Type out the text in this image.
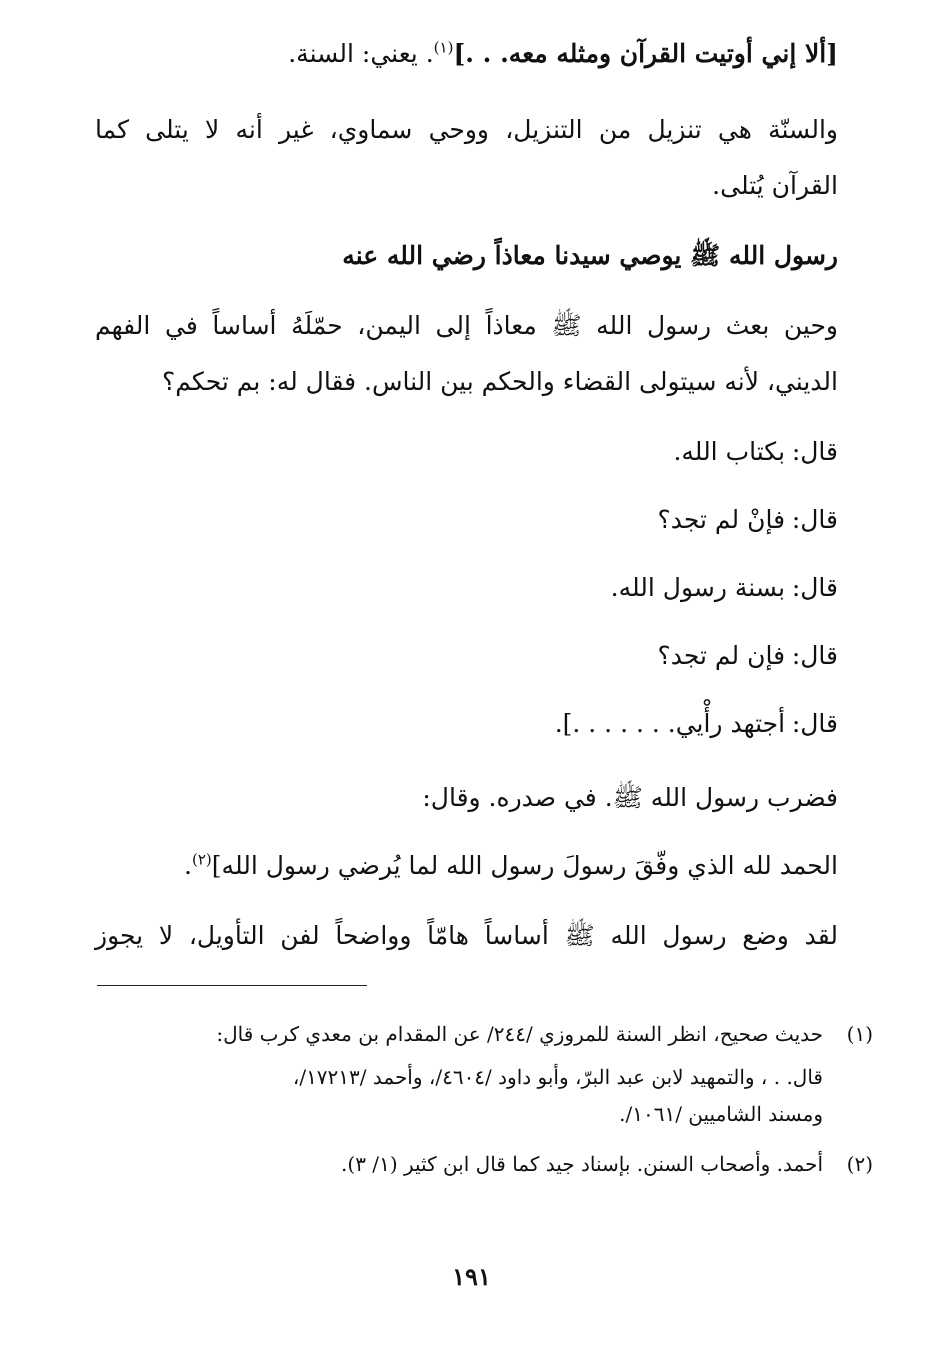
[ألا إني أوتيت القرآن ومثله معه. . .]$^{(١)}$. يعني: السنة.
والسنّة هي تنزيل من التنزيل، ووحي سماوي، غير أنه لا يتلى كما
القرآن يُتلى.
رسول الله ﷺ يوصي سيدنا معاذاً رضي الله عنه
وحين بعث رسول الله ﷺ معاذاً إلى اليمن، حمّلَهُ أساساً في الفهم
الديني، لأنه سيتولى القضاء والحكم بين الناس. فقال له: بم تحكم؟
قال: بكتاب الله.
قال: فإنْ لم تجد؟
قال: بسنة رسول الله.
قال: فإن لم تجد؟
قال: أجتهد رأْيي. . . . . . .].
فضرب رسول الله ﷺ. في صدره. وقال:
الحمد لله الذي وفّقَ رسولَ رسول الله لما يُرضي رسول الله]$^{(٢)}$.
لقد وضع رسول الله ﷺ أساساً هامّاً وواضحاً لفن التأويل، لا يجوز
(١)حديث صحيح، انظر السنة للمروزي /٢٤٤/ عن المقدام بن معدي كرب قال:
قال. . ، والتمهيد لابن عبد البرّ، وأبو داود /٤٦٠٤/، وأحمد /١٧٢١٣/،
ومسند الشاميين /١٠٦١/.
(٢)أحمد. وأصحاب السنن. بإسناد جيد كما قال ابن كثير (١/ ٣).
١٩١
